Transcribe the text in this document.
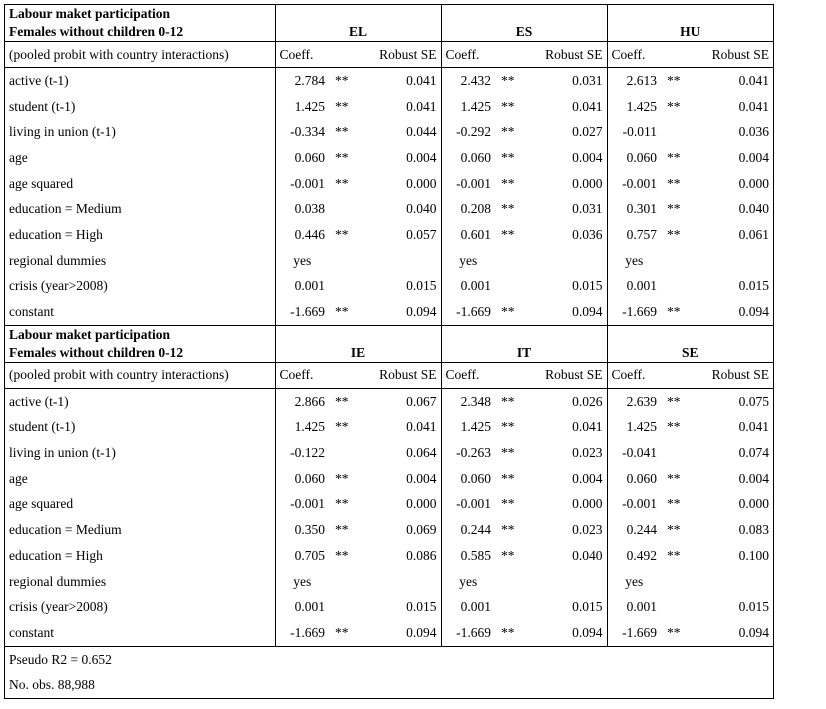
Labour maket participation									
Females without children 0-12	EL			ES			HU		
(pooled probit with country interactions)	Coeff.		Robust SE	Coeff.		Robust SE	Coeff.		Robust SE
active (t-1)	2.784	**	0.041	2.432	**	0.031	2.613	**	0.041
student (t-1)	1.425	**	0.041	1.425	**	0.041	1.425	**	0.041
living in union (t-1)	-0.334	**	0.044	-0.292	**	0.027	-0.011		0.036
age	0.060	**	0.004	0.060	**	0.004	0.060	**	0.004
age squared	-0.001	**	0.000	-0.001	**	0.000	-0.001	**	0.000
education = Medium	0.038		0.040	0.208	**	0.031	0.301	**	0.040
education = High	0.446	**	0.057	0.601	**	0.036	0.757	**	0.061
regional dummies	yes			yes			yes		
crisis (year>2008)	0.001		0.015	0.001		0.015	0.001		0.015
constant	-1.669	**	0.094	-1.669	**	0.094	-1.669	**	0.094
Labour maket participation									
Females without children 0-12	IE			IT			SE		
(pooled probit with country interactions)	Coeff.		Robust SE	Coeff.		Robust SE	Coeff.		Robust SE
active (t-1)	2.866	**	0.067	2.348	**	0.026	2.639	**	0.075
student (t-1)	1.425	**	0.041	1.425	**	0.041	1.425	**	0.041
living in union (t-1)	-0.122		0.064	-0.263	**	0.023	-0.041		0.074
age	0.060	**	0.004	0.060	**	0.004	0.060	**	0.004
age squared	-0.001	**	0.000	-0.001	**	0.000	-0.001	**	0.000
education = Medium	0.350	**	0.069	0.244	**	0.023	0.244	**	0.083
education = High	0.705	**	0.086	0.585	**	0.040	0.492	**	0.100
regional dummies	yes			yes			yes		
crisis (year>2008)	0.001		0.015	0.001		0.015	0.001		0.015
constant	-1.669	**	0.094	-1.669	**	0.094	-1.669	**	0.094
Pseudo R2 = 0.652									
No. obs. 88,988									
